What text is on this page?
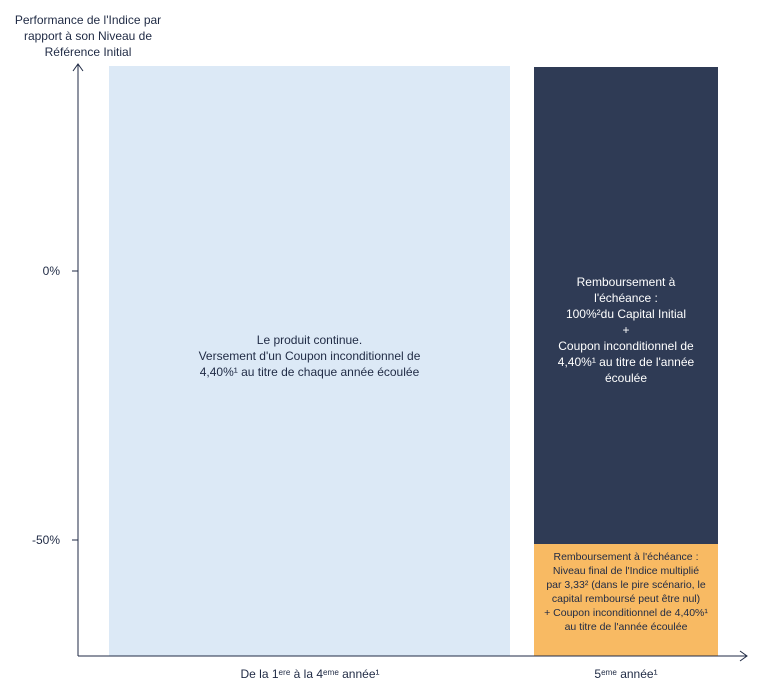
Performance de l'Indice par rapport à son Niveau de Référence Initial
0%
-50%
Le produit continue.
Versement d'un Coupon inconditionnel de
4,40%¹ au titre de chaque année écoulée
Remboursement à
l'échéance :
100%²du Capital Initial
+
Coupon inconditionnel de
4,40%¹ au titre de l'année
écoulée
Remboursement à l'échéance :
Niveau final de l'Indice multiplié
par 3,33² (dans le pire scénario, le
capital remboursé peut être nul)
+ Coupon inconditionnel de 4,40%¹
au titre de l'année écoulée
De la 1ᵉʳᵉ à la 4ᵉᵐᵉ année¹	5ᵉᵐᵉ année¹
